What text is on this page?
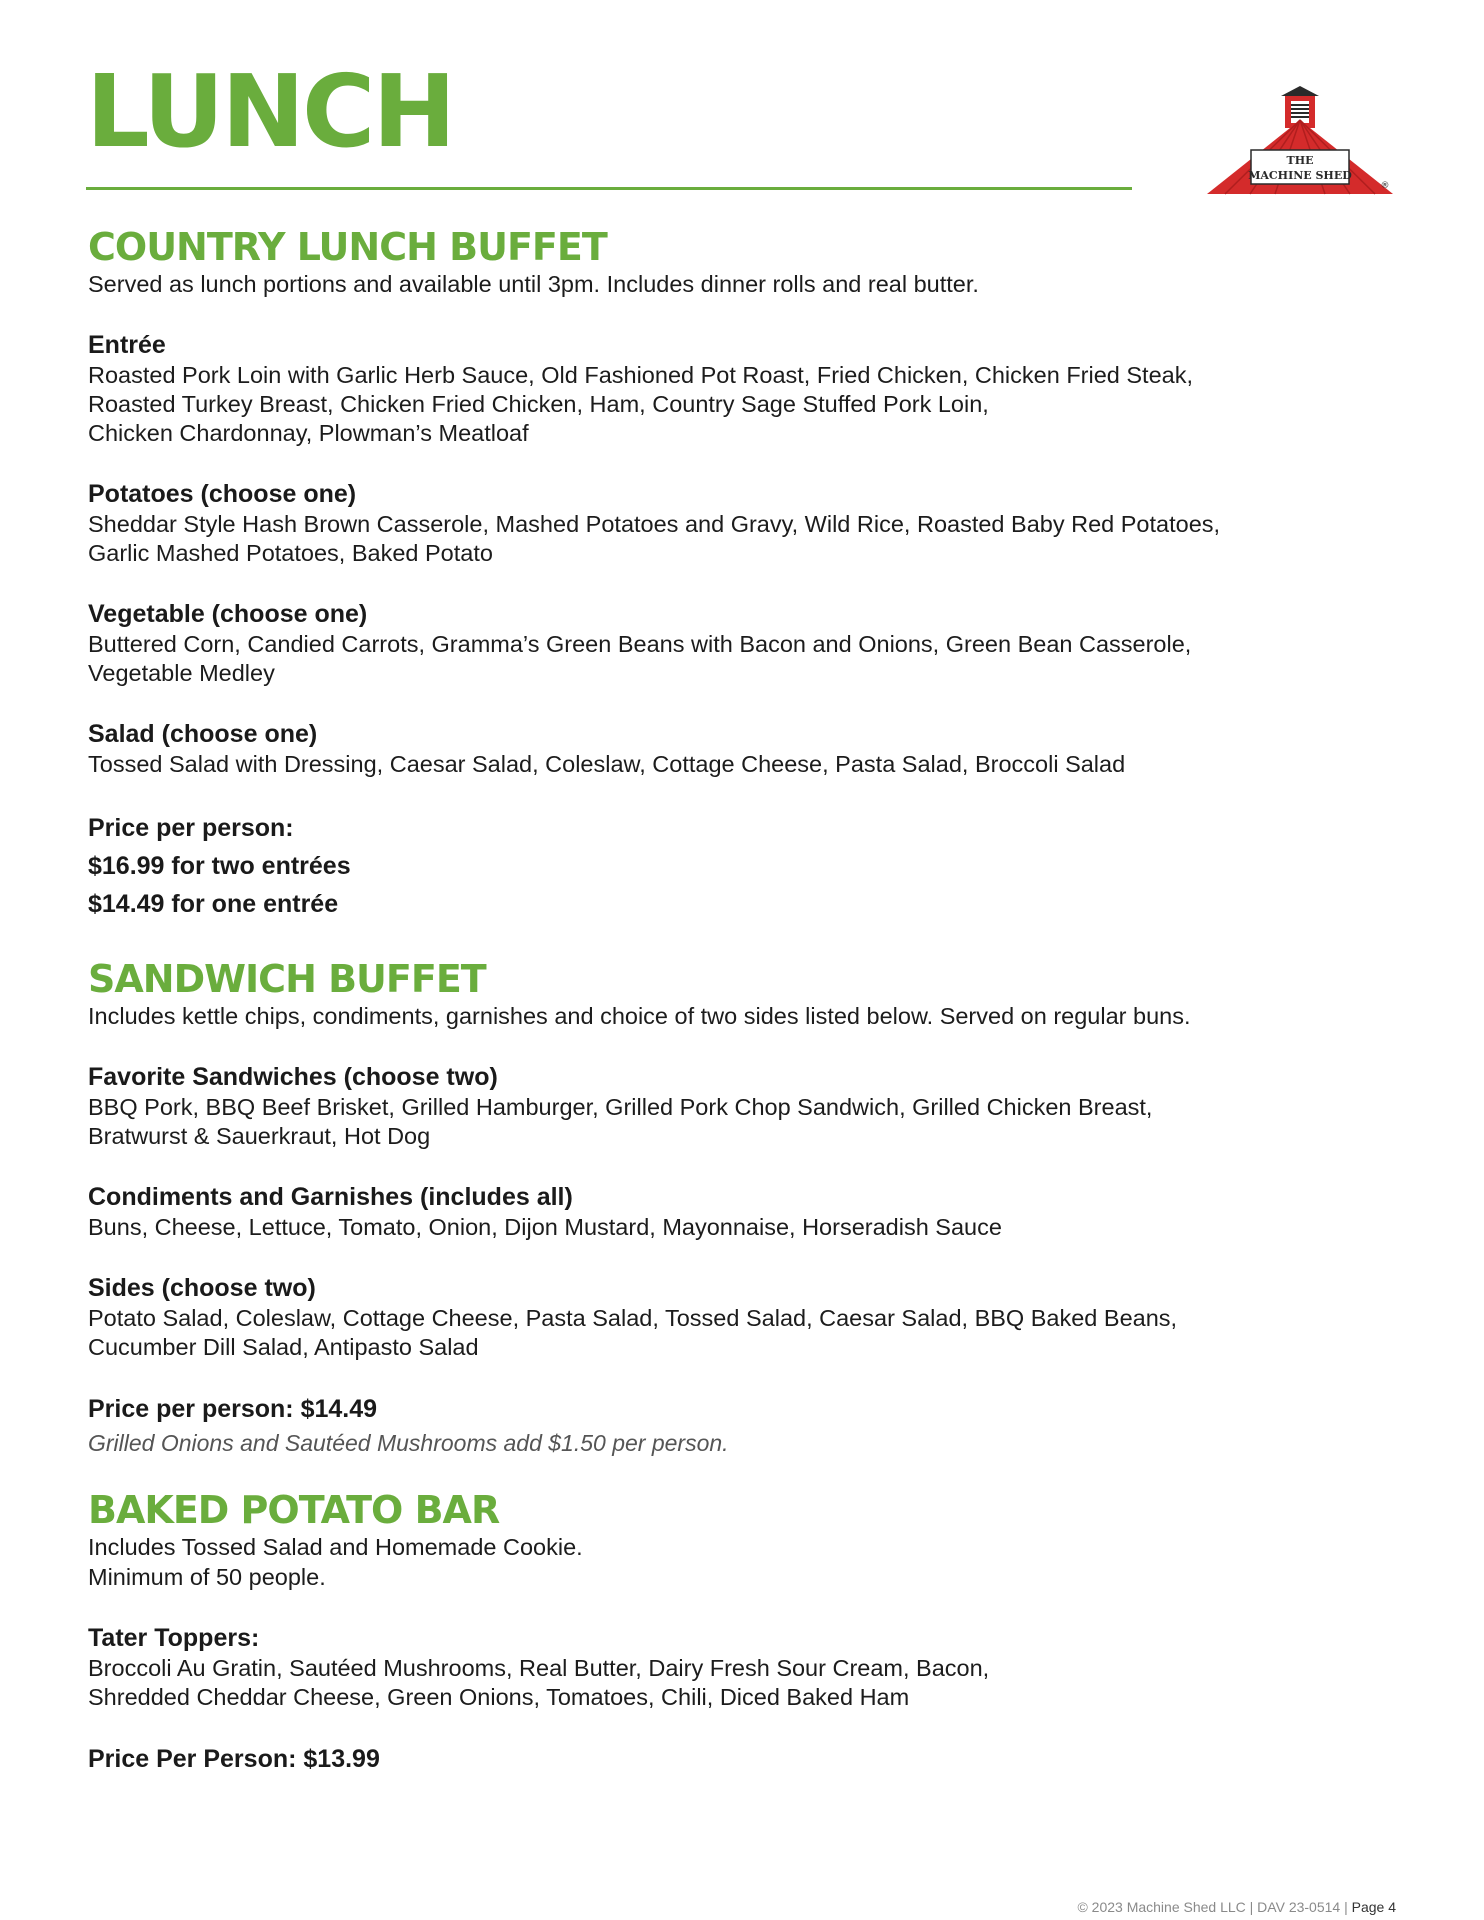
LUNCH	THE
MACHINE SHED
®
COUNTRY LUNCH BUFFET

Served as lunch portions and available until 3pm. Includes dinner rolls and real butter.

Entrée

Roasted Pork Loin with Garlic Herb Sauce, Old Fashioned Pot Roast, Fried Chicken, Chicken Fried Steak,

Roasted Turkey Breast, Chicken Fried Chicken, Ham, Country Sage Stuffed Pork Loin,

Chicken Chardonnay, Plowman’s Meatloaf

Potatoes (choose one)

Sheddar Style Hash Brown Casserole, Mashed Potatoes and Gravy, Wild Rice, Roasted Baby Red Potatoes,

Garlic Mashed Potatoes, Baked Potato

Vegetable (choose one)

Buttered Corn, Candied Carrots, Gramma’s Green Beans with Bacon and Onions, Green Bean Casserole,

Vegetable Medley

Salad (choose one)

Tossed Salad with Dressing, Caesar Salad, Coleslaw, Cottage Cheese, Pasta Salad, Broccoli Salad

Price per person:

$16.99 for two entrées

$14.49 for one entrée

SANDWICH BUFFET

Includes kettle chips, condiments, garnishes and choice of two sides listed below. Served on regular buns.

Favorite Sandwiches (choose two)

BBQ Pork, BBQ Beef Brisket, Grilled Hamburger, Grilled Pork Chop Sandwich, Grilled Chicken Breast,

Bratwurst & Sauerkraut, Hot Dog

Condiments and Garnishes (includes all)

Buns, Cheese, Lettuce, Tomato, Onion, Dijon Mustard, Mayonnaise, Horseradish Sauce

Sides (choose two)

Potato Salad, Coleslaw, Cottage Cheese, Pasta Salad, Tossed Salad, Caesar Salad, BBQ Baked Beans,

Cucumber Dill Salad, Antipasto Salad

Price per person: $14.49

Grilled Onions and Sautéed Mushrooms add $1.50 per person.

BAKED POTATO BAR

Includes Tossed Salad and Homemade Cookie.

Minimum of 50 people.

Tater Toppers:

Broccoli Au Gratin, Sautéed Mushrooms, Real Butter, Dairy Fresh Sour Cream, Bacon,

Shredded Cheddar Cheese, Green Onions, Tomatoes, Chili, Diced Baked Ham

Price Per Person: $13.99

© 2023 Machine Shed LLC | DAV 23-0514 | Page 4
